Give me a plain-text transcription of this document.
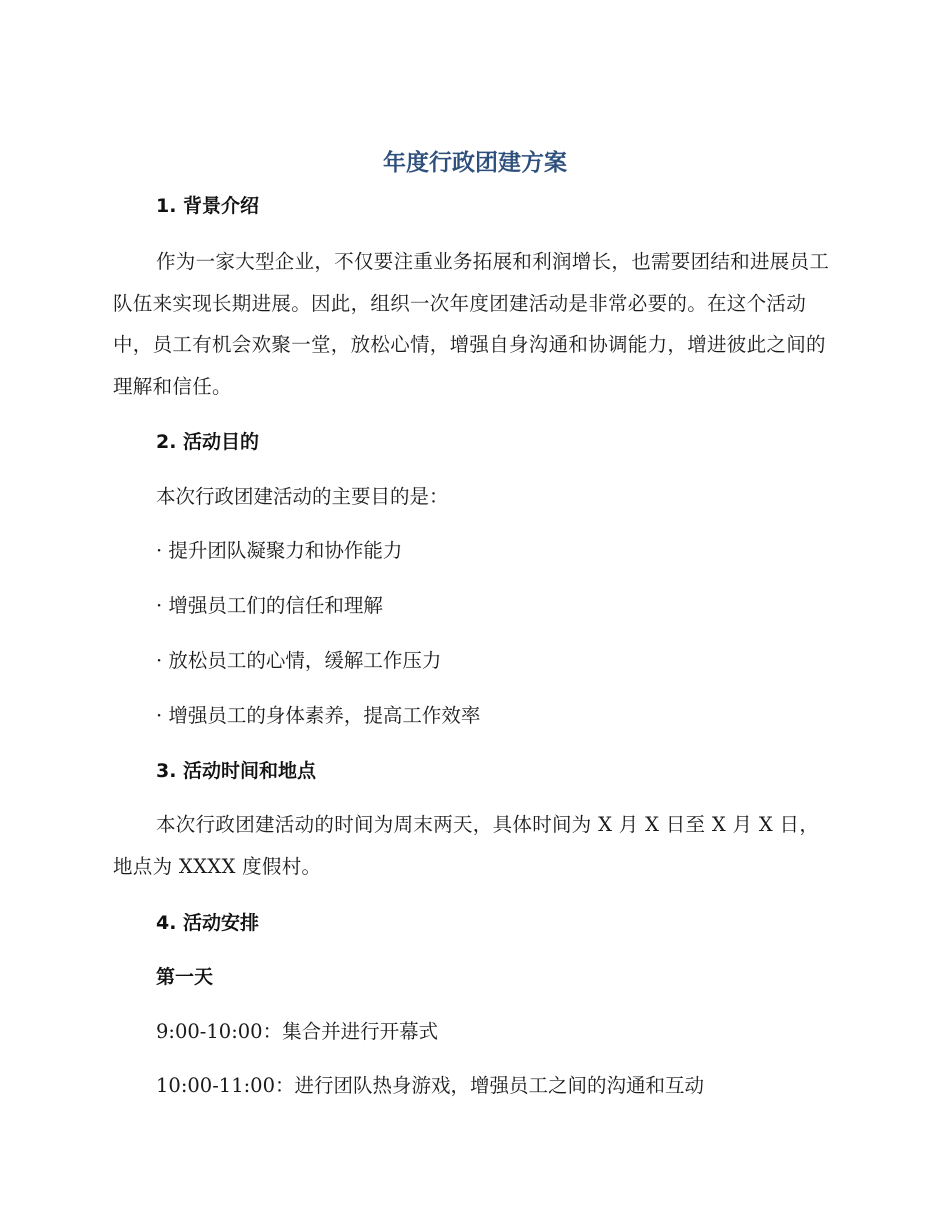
年度行政团建方案
1. 背景介绍
作为一家大型企业，不仅要注重业务拓展和利润增长，也需要团结和进展员工队伍来实现长期进展。因此，组织一次年度团建活动是非常必要的。在这个活动中，员工有机会欢聚一堂，放松心情，增强自身沟通和协调能力，增进彼此之间的理解和信任。
2. 活动目的
本次行政团建活动的主要目的是：
· 提升团队凝聚力和协作能力
· 增强员工们的信任和理解
· 放松员工的心情，缓解工作压力
· 增强员工的身体素养，提高工作效率
3. 活动时间和地点
本次行政团建活动的时间为周末两天，具体时间为 X 月 X 日至 X 月 X 日，地点为 XXXX 度假村。
4. 活动安排
第一天
9:00-10:00：集合并进行开幕式
10:00-11:00：进行团队热身游戏，增强员工之间的沟通和互动
